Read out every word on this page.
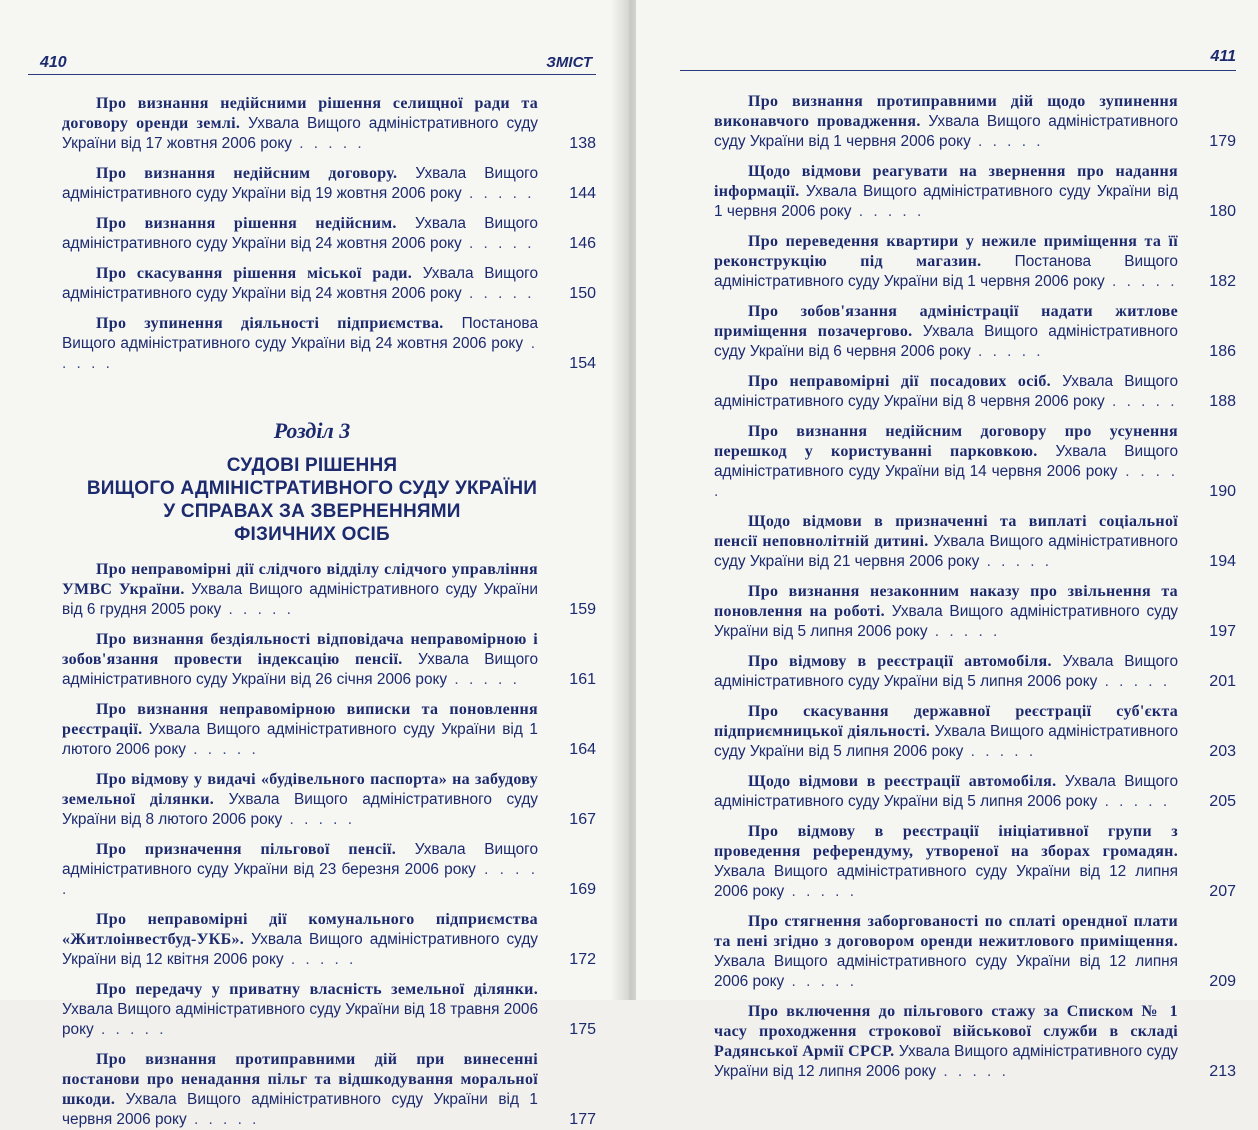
410	ЗМІСТ
Про визнання недійсними рішення селищної ради та договору оренди землі. Ухвала Вищого адміністративного суду України від 17 жовтня 2006 року . . . . .	138
Про визнання недійсним договору. Ухвала Вищого адміністративного суду України від 19 жовтня 2006 року . . . . . 144
Про визнання рішення недійсним. Ухвала Вищого адміністративного суду України від 24 жовтня 2006 року . . . . . 146
Про скасування рішення міської ради. Ухвала Вищого адміністративного суду України від 24 жовтня 2006 року . . . . . 150
Про зупинення діяльності підприємства. Постанова Вищого адміністративного суду України від 24 жовтня 2006 року . . . . .	154
Розділ 3
СУДОВІ РІШЕННЯ
ВИЩОГО АДМІНІСТРАТИВНОГО СУДУ УКРАЇНИ
У СПРАВАХ ЗА ЗВЕРНЕННЯМИ
ФІЗИЧНИХ ОСІБ
Про неправомірні дії слідчого відділу слідчого управління УМВС України. Ухвала Вищого адміністративного суду України від 6 грудня 2005 року . . . . .	159
Про визнання бездіяльності відповідача неправомірною і зобов'язання провести індексацію пенсії. Ухвала Вищого адміністративного суду України від 26 січня 2006 року . . . . .	161
Про визнання неправомірною виписки та поновлення реєстрації. Ухвала Вищого адміністративного суду України від 1 лютого 2006 року . . . . .	164
Про відмову у видачі «будівельного паспорта» на забудову земельної ділянки. Ухвала Вищого адміністративного суду України від 8 лютого 2006 року . . . . .	167
Про призначення пільгової пенсії. Ухвала Вищого адміністративного суду України від 23 березня 2006 року . . . . .	169
Про неправомірні дії комунального підприємства «Житлоінвестбуд-УКБ». Ухвала Вищого адміністративного суду України від 12 квітня 2006 року . . . . .	172
Про передачу у приватну власність земельної ділянки. Ухвала Вищого адміністративного суду України від 18 травня 2006 року . . . . .	175
Про визнання протиправними дій при винесенні постанови про ненадання пільг та відшкодування моральної шкоди. Ухвала Вищого адміністративного суду України від 1 червня 2006 року . . . . .	177
411
Про визнання протиправними дій щодо зупинення виконавчого провадження. Ухвала Вищого адміністративного суду України від 1 червня 2006 року . . . . .	179
Щодо відмови реагувати на звернення про надання інформації. Ухвала Вищого адміністративного суду України від 1 червня 2006 року . . . . .	180
Про переведення квартири у нежиле приміщення та її реконструкцію під магазин. Постанова Вищого адміністративного суду України від 1 червня 2006 року . . . . . 182
Про зобов'язання адміністрації надати житлове приміщення позачергово. Ухвала Вищого адміністративного суду України від 6 червня 2006 року . . . . .	186
Про неправомірні дії посадових осіб. Ухвала Вищого адміністративного суду України від 8 червня 2006 року . . . . . 188
Про визнання недійсним договору про усунення перешкод у користуванні парковкою. Ухвала Вищого адміністративного суду України від 14 червня 2006 року . . . . .	190
Щодо відмови в призначенні та виплаті соціальної пенсії неповнолітній дитині. Ухвала Вищого адміністративного суду України від 21 червня 2006 року . . . . .	194
Про визнання незаконним наказу про звільнення та поновлення на роботі. Ухвала Вищого адміністративного суду України від 5 липня 2006 року . . . . .	197
Про відмову в реєстрації автомобіля. Ухвала Вищого адміністративного суду України від 5 липня 2006 року . . . . .	201
Про скасування державної реєстрації суб'єкта підприємницької діяльності. Ухвала Вищого адміністративного суду України від 5 липня 2006 року . . . . .	203
Щодо відмови в реєстрації автомобіля. Ухвала Вищого адміністративного суду України від 5 липня 2006 року . . . . .	205
Про відмову в реєстрації ініціативної групи з проведення референдуму, утвореної на зборах громадян. Ухвала Вищого адміністративного суду України від 12 липня 2006 року . . . . .	207
Про стягнення заборгованості по сплаті орендної плати та пені згідно з договором оренди нежитлового приміщення. Ухвала Вищого адміністративного суду України від 12 липня 2006 року . . . . .	209
Про включення до пільгового стажу за Списком № 1 часу проходження строкової військової служби в складі Радянської Армії СРСР. Ухвала Вищого адміністративного суду України від 12 липня 2006 року . . . . .	213
